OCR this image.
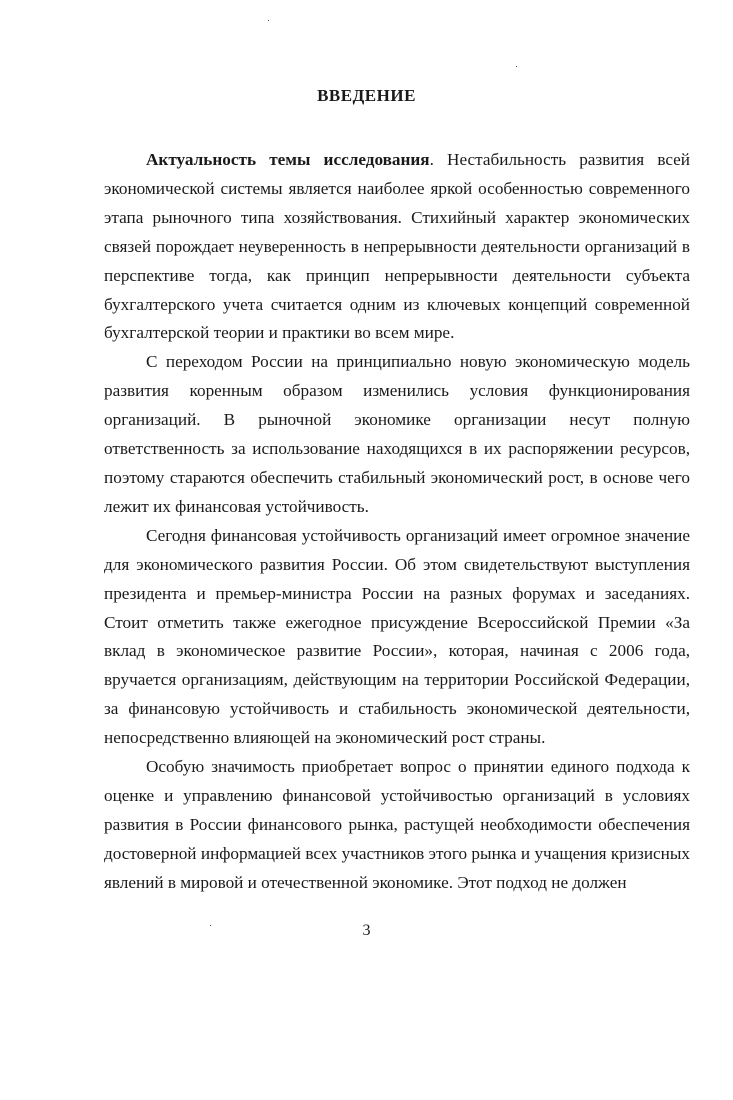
ВВЕДЕНИЕ

Актуальность темы исследования. Нестабильность развития всей экономической системы является наиболее яркой особенностью современного этапа рыночного типа хозяйствования. Стихийный характер экономических связей порождает неуверенность в непрерывности деятельности организаций в перспективе тогда, как принцип непрерывности деятельности субъекта бухгалтерского учета считается одним из ключевых концепций современной бухгалтерской теории и практики во всем мире.

С переходом России на принципиально новую экономическую модель развития коренным образом изменились условия функционирования организаций. В рыночной экономике организации несут полную ответственность за использование находящихся в их распоряжении ресурсов, поэтому стараются обеспечить стабильный экономический рост, в основе чего лежит их финансовая устойчивость.

Сегодня финансовая устойчивость организаций имеет огромное значение для экономического развития России. Об этом свидетельствуют выступления президента и премьер-министра России на разных форумах и заседаниях. Стоит отметить также ежегодное присуждение Всероссийской Премии «За вклад в экономическое развитие России», которая, начиная с 2006 года, вручается организациям, действующим на территории Российской Федерации, за финансовую устойчивость и стабильность экономической деятельности, непосредственно влияющей на экономический рост страны.

Особую значимость приобретает вопрос о принятии единого подхода к оценке и управлению финансовой устойчивостью организаций в условиях развития в России финансового рынка, растущей необходимости обеспечения достоверной информацией всех участников этого рынка и учащения кризисных явлений в мировой и отечественной экономике. Этот подход не должен

3
